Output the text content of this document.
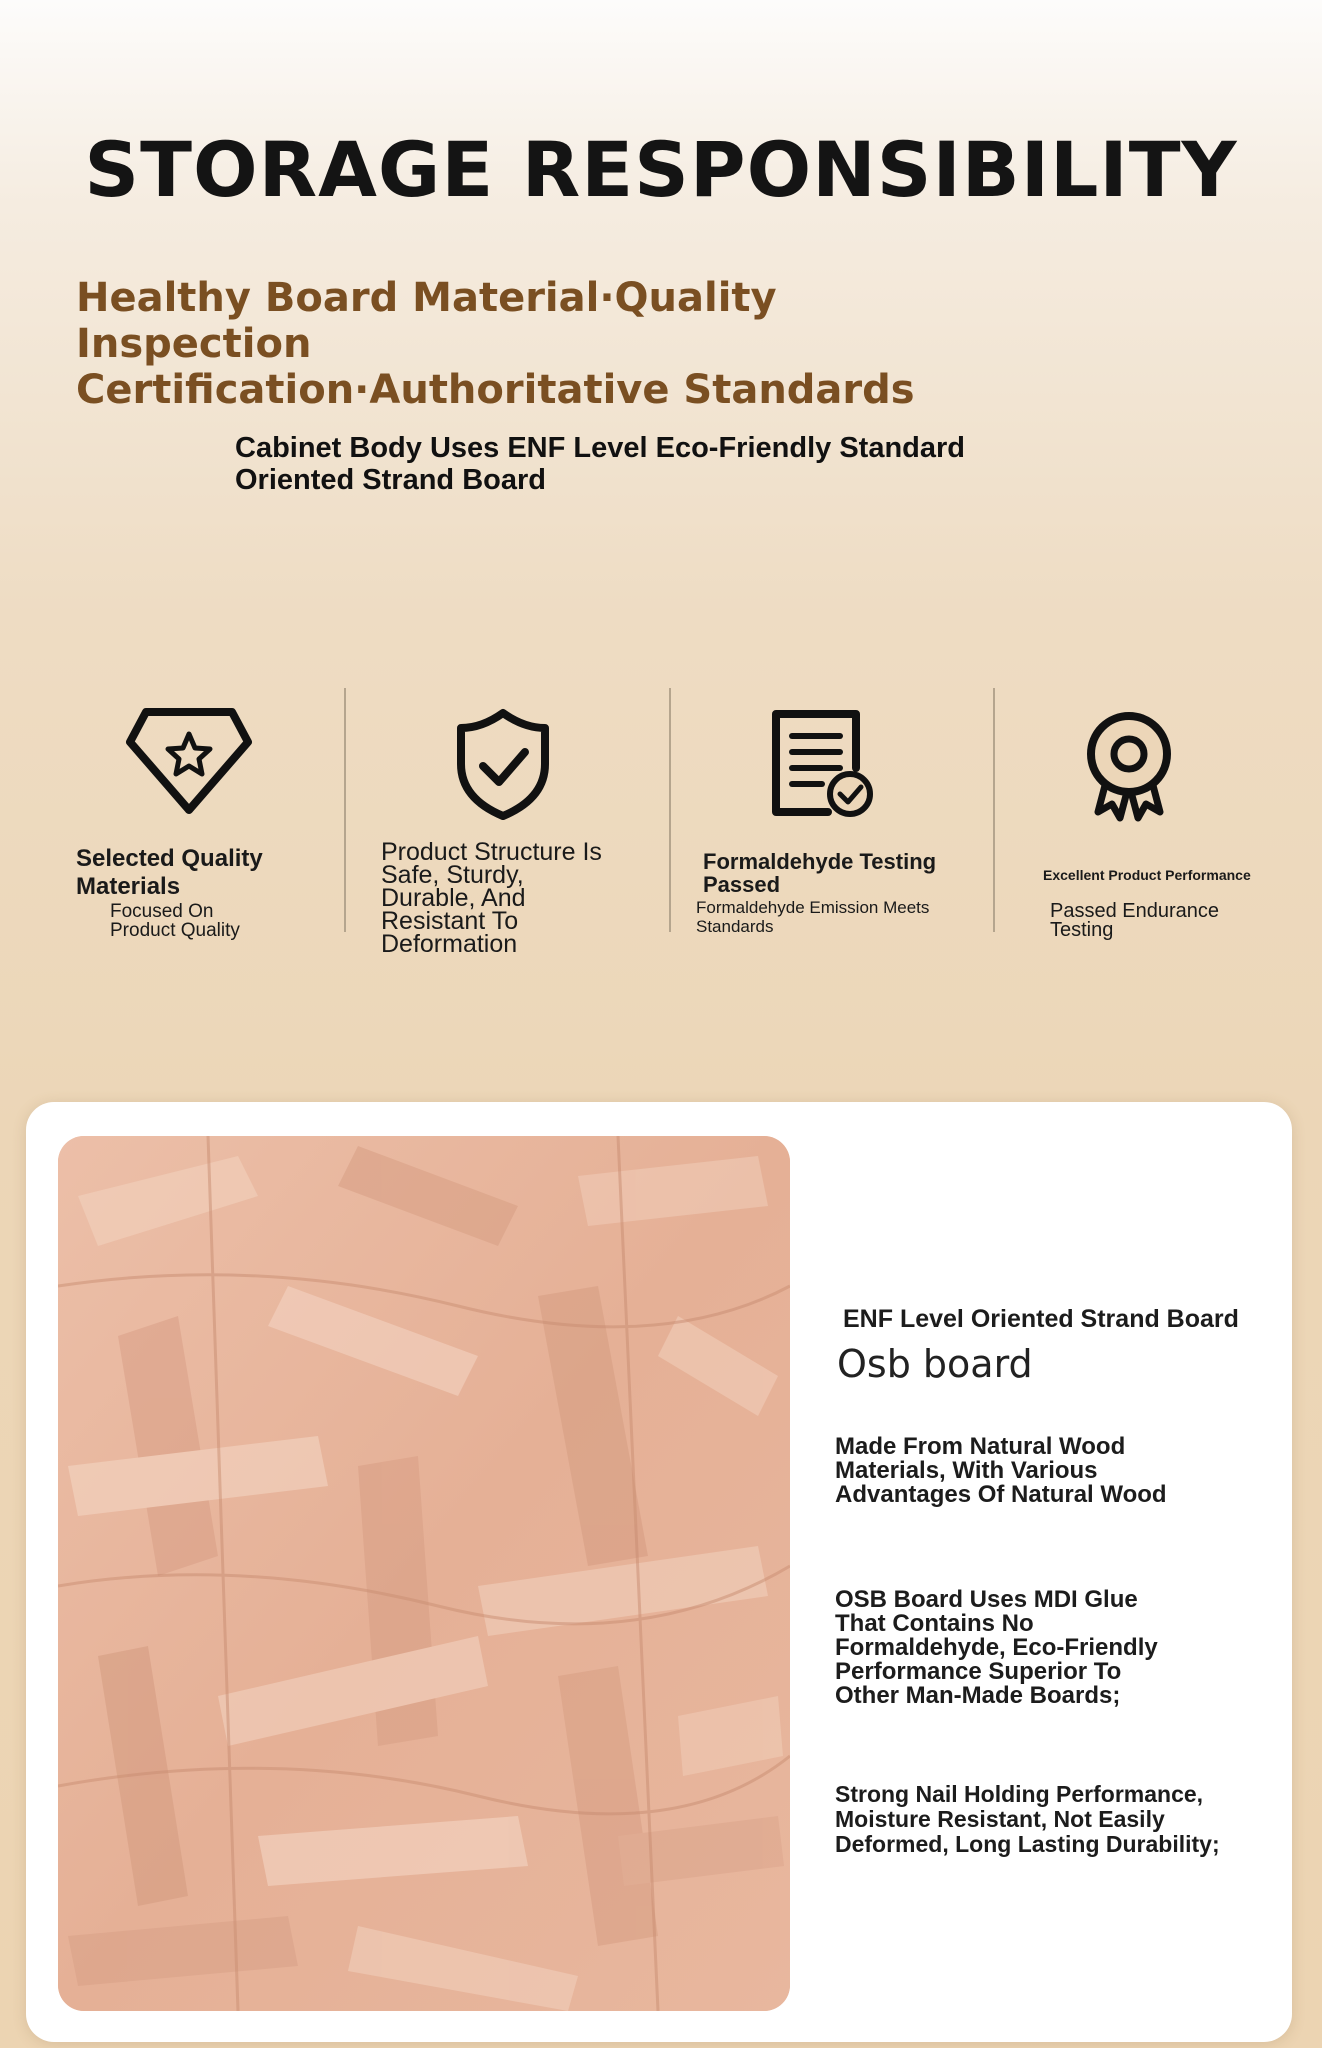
STORAGE RESPONSIBILITY
Healthy Board Material·Quality Inspection
Certification·Authoritative Standards
Cabinet Body Uses ENF Level Eco-Friendly Standard Oriented Strand Board
Selected Quality
Materials
Focused On
Product Quality
Product Structure Is
Safe, Sturdy,
Durable, And
Resistant To
Deformation
Formaldehyde Testing
Passed
Formaldehyde Emission Meets
Standards
Excellent Product Performance
Passed Endurance
Testing
ENF Level Oriented Strand Board
Osb board
Made From Natural Wood
Materials, With Various
Advantages Of Natural Wood
OSB Board Uses MDI Glue
That Contains No
Formaldehyde, Eco-Friendly
Performance Superior To
Other Man-Made Boards;
Strong Nail Holding Performance,
Moisture Resistant, Not Easily
Deformed, Long Lasting Durability;
